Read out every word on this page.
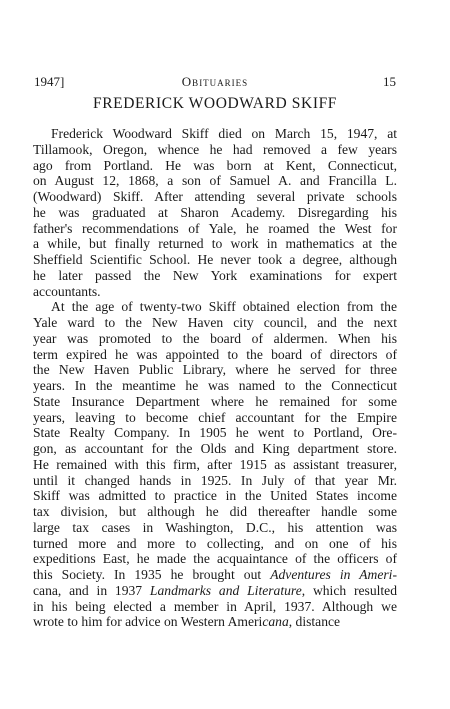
1947]	Obituaries	15
FREDERICK WOODWARD SKIFF
Frederick Woodward Skiff died on March 15, 1947, at
Tillamook, Oregon, whence he had removed a few years
ago from Portland. He was born at Kent, Connecticut,
on August 12, 1868, a son of Samuel A. and Francilla L.
(Woodward) Skiff. After attending several private schools
he was graduated at Sharon Academy. Disregarding his
father's recommendations of Yale, he roamed the West for
a while, but finally returned to work in mathematics at the
Sheffield Scientific School. He never took a degree, although
he later passed the New York examinations for expert
accountants.
At the age of twenty-two Skiff obtained election from the
Yale ward to the New Haven city council, and the next
year was promoted to the board of aldermen. When his
term expired he was appointed to the board of directors of
the New Haven Public Library, where he served for three
years. In the meantime he was named to the Connecticut
State Insurance Department where he remained for some
years, leaving to become chief accountant for the Empire
State Realty Company. In 1905 he went to Portland, Ore-
gon, as accountant for the Olds and King department store.
He remained with this firm, after 1915 as assistant treasurer,
until it changed hands in 1925. In July of that year Mr.
Skiff was admitted to practice in the United States income
tax division, but although he did thereafter handle some
large tax cases in Washington, D.C., his attention was
turned more and more to collecting, and on one of his
expeditions East, he made the acquaintance of the officers of
this Society. In 1935 he brought out Adventures in Ameri-
cana, and in 1937 Landmarks and Literature, which resulted
in his being elected a member in April, 1937. Although we
wrote to him for advice on Western Americana, distance
